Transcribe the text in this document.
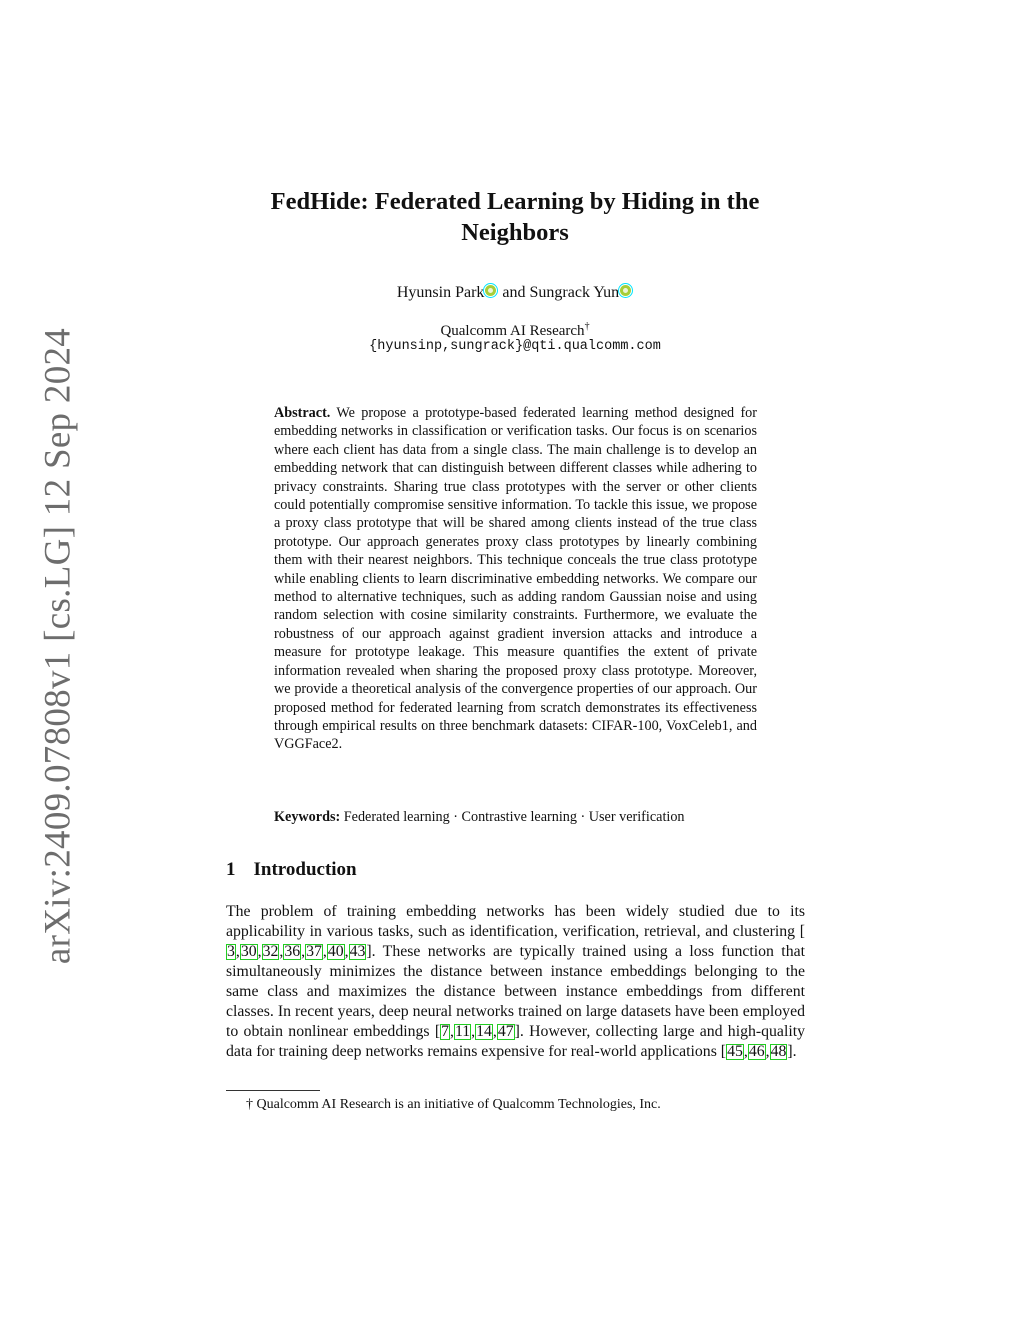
arXiv:2409.07808v1 [cs.LG] 12 Sep 2024
FedHide: Federated Learning by Hiding in the
Neighbors
Hyunsin Park and Sungrack Yun
Qualcomm AI Research†
{hyunsinp,sungrack}@qti.qualcomm.com
Abstract. We propose a prototype-based federated learning method designed for embedding networks in classification or verification tasks. Our focus is on scenarios where each client has data from a single class. The main challenge is to develop an embedding network that can distinguish between different classes while adhering to privacy constraints. Sharing true class prototypes with the server or other clients could potentially compromise sensitive information. To tackle this issue, we propose a proxy class prototype that will be shared among clients instead of the true class prototype. Our approach generates proxy class prototypes by linearly combining them with their nearest neighbors. This technique conceals the true class prototype while enabling clients to learn discriminative embedding networks. We compare our method to alternative techniques, such as adding random Gaussian noise and using random selection with cosine similarity constraints. Furthermore, we evaluate the robustness of our approach against gradient inversion attacks and introduce a measure for prototype leakage. This measure quantifies the extent of private information revealed when sharing the proposed proxy class prototype. Moreover, we provide a theoretical analysis of the convergence properties of our approach. Our proposed method for federated learning from scratch demonstrates its effectiveness through empirical results on three benchmark datasets: CIFAR-100, VoxCeleb1, and VGGFace2.
Keywords: Federated learning · Contrastive learning · User verification
1 Introduction
The problem of training embedding networks has been widely studied due to its applicability in various tasks, such as identification, verification, retrieval, and clustering [3,30,32,36,37,40,43]. These networks are typically trained using a loss function that simultaneously minimizes the distance between instance embeddings belonging to the same class and maximizes the distance between instance embeddings from different classes. In recent years, deep neural networks trained on large datasets have been employed to obtain nonlinear embeddings [7,11,14,47]. However, collecting large and high-quality data for training deep networks remains expensive for real-world applications [45,46,48].
† Qualcomm AI Research is an initiative of Qualcomm Technologies, Inc.
